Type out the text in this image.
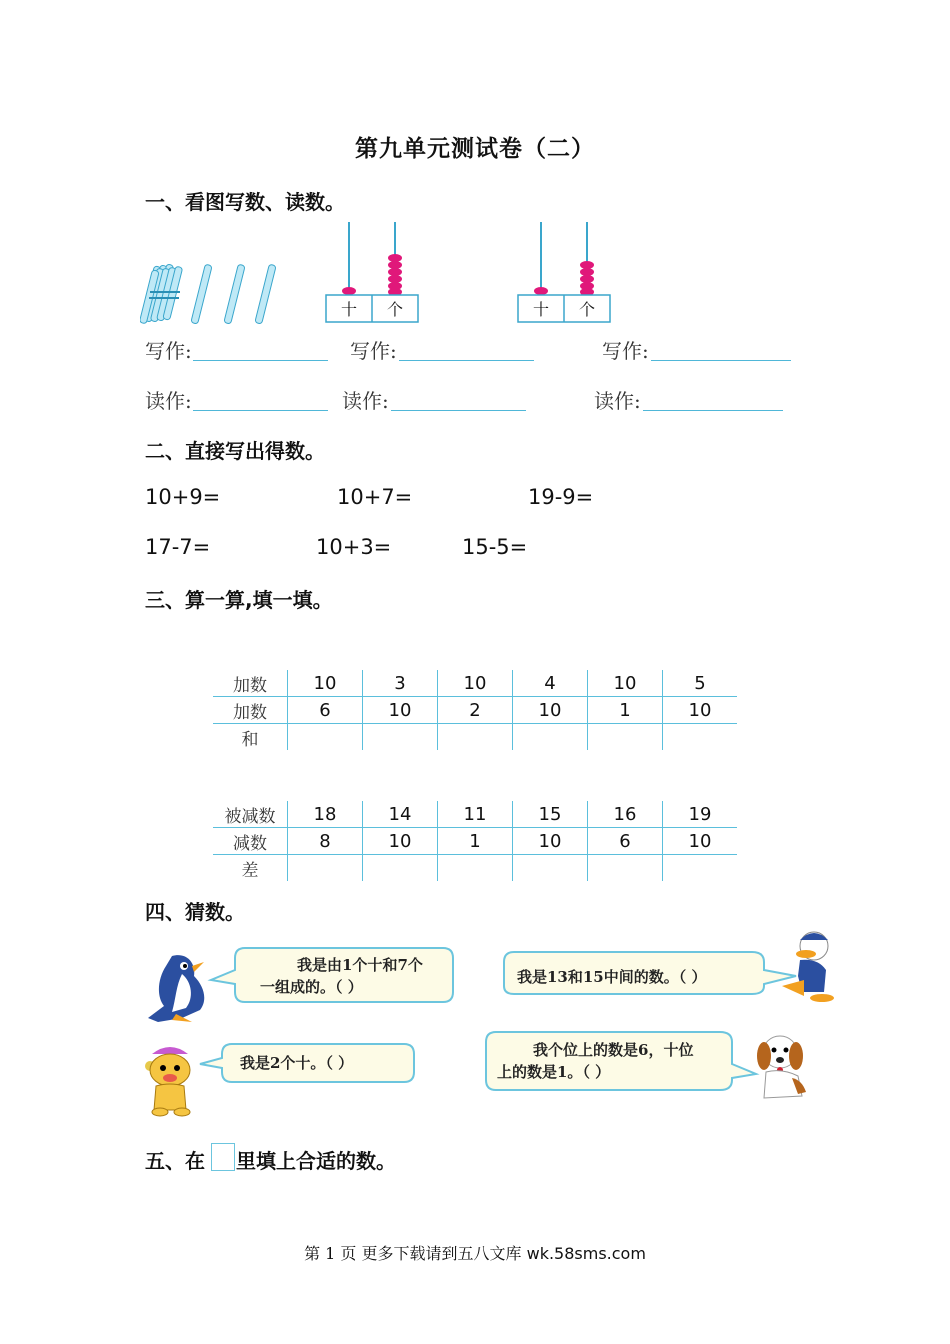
第九单元测试卷（二）
一、看图写数、读数。
十	个	十	个
写作:	写作:	写作:
读作:	读作:	读作:
二、直接写出得数。
10+9=	10+7=	19-9=
17-7=	10+3=	15-5=
三、算一算,填一填。
加数	10	3	10	4	10	5
加数	6	10	2	10	1	10
和						
被减数	18	14	11	15	16	19
减数	8	10	1	10	6	10
差						
四、猜数。
我是由1个十和7个
一组成的。（ ）
我是13和15中间的数。（ ）
我是2个十。（ ）
我个位上的数是6，十位
上的数是1。（ ）
五、在 里填上合适的数。
第 1 页 更多下载请到五八文库 wk.58sms.com
